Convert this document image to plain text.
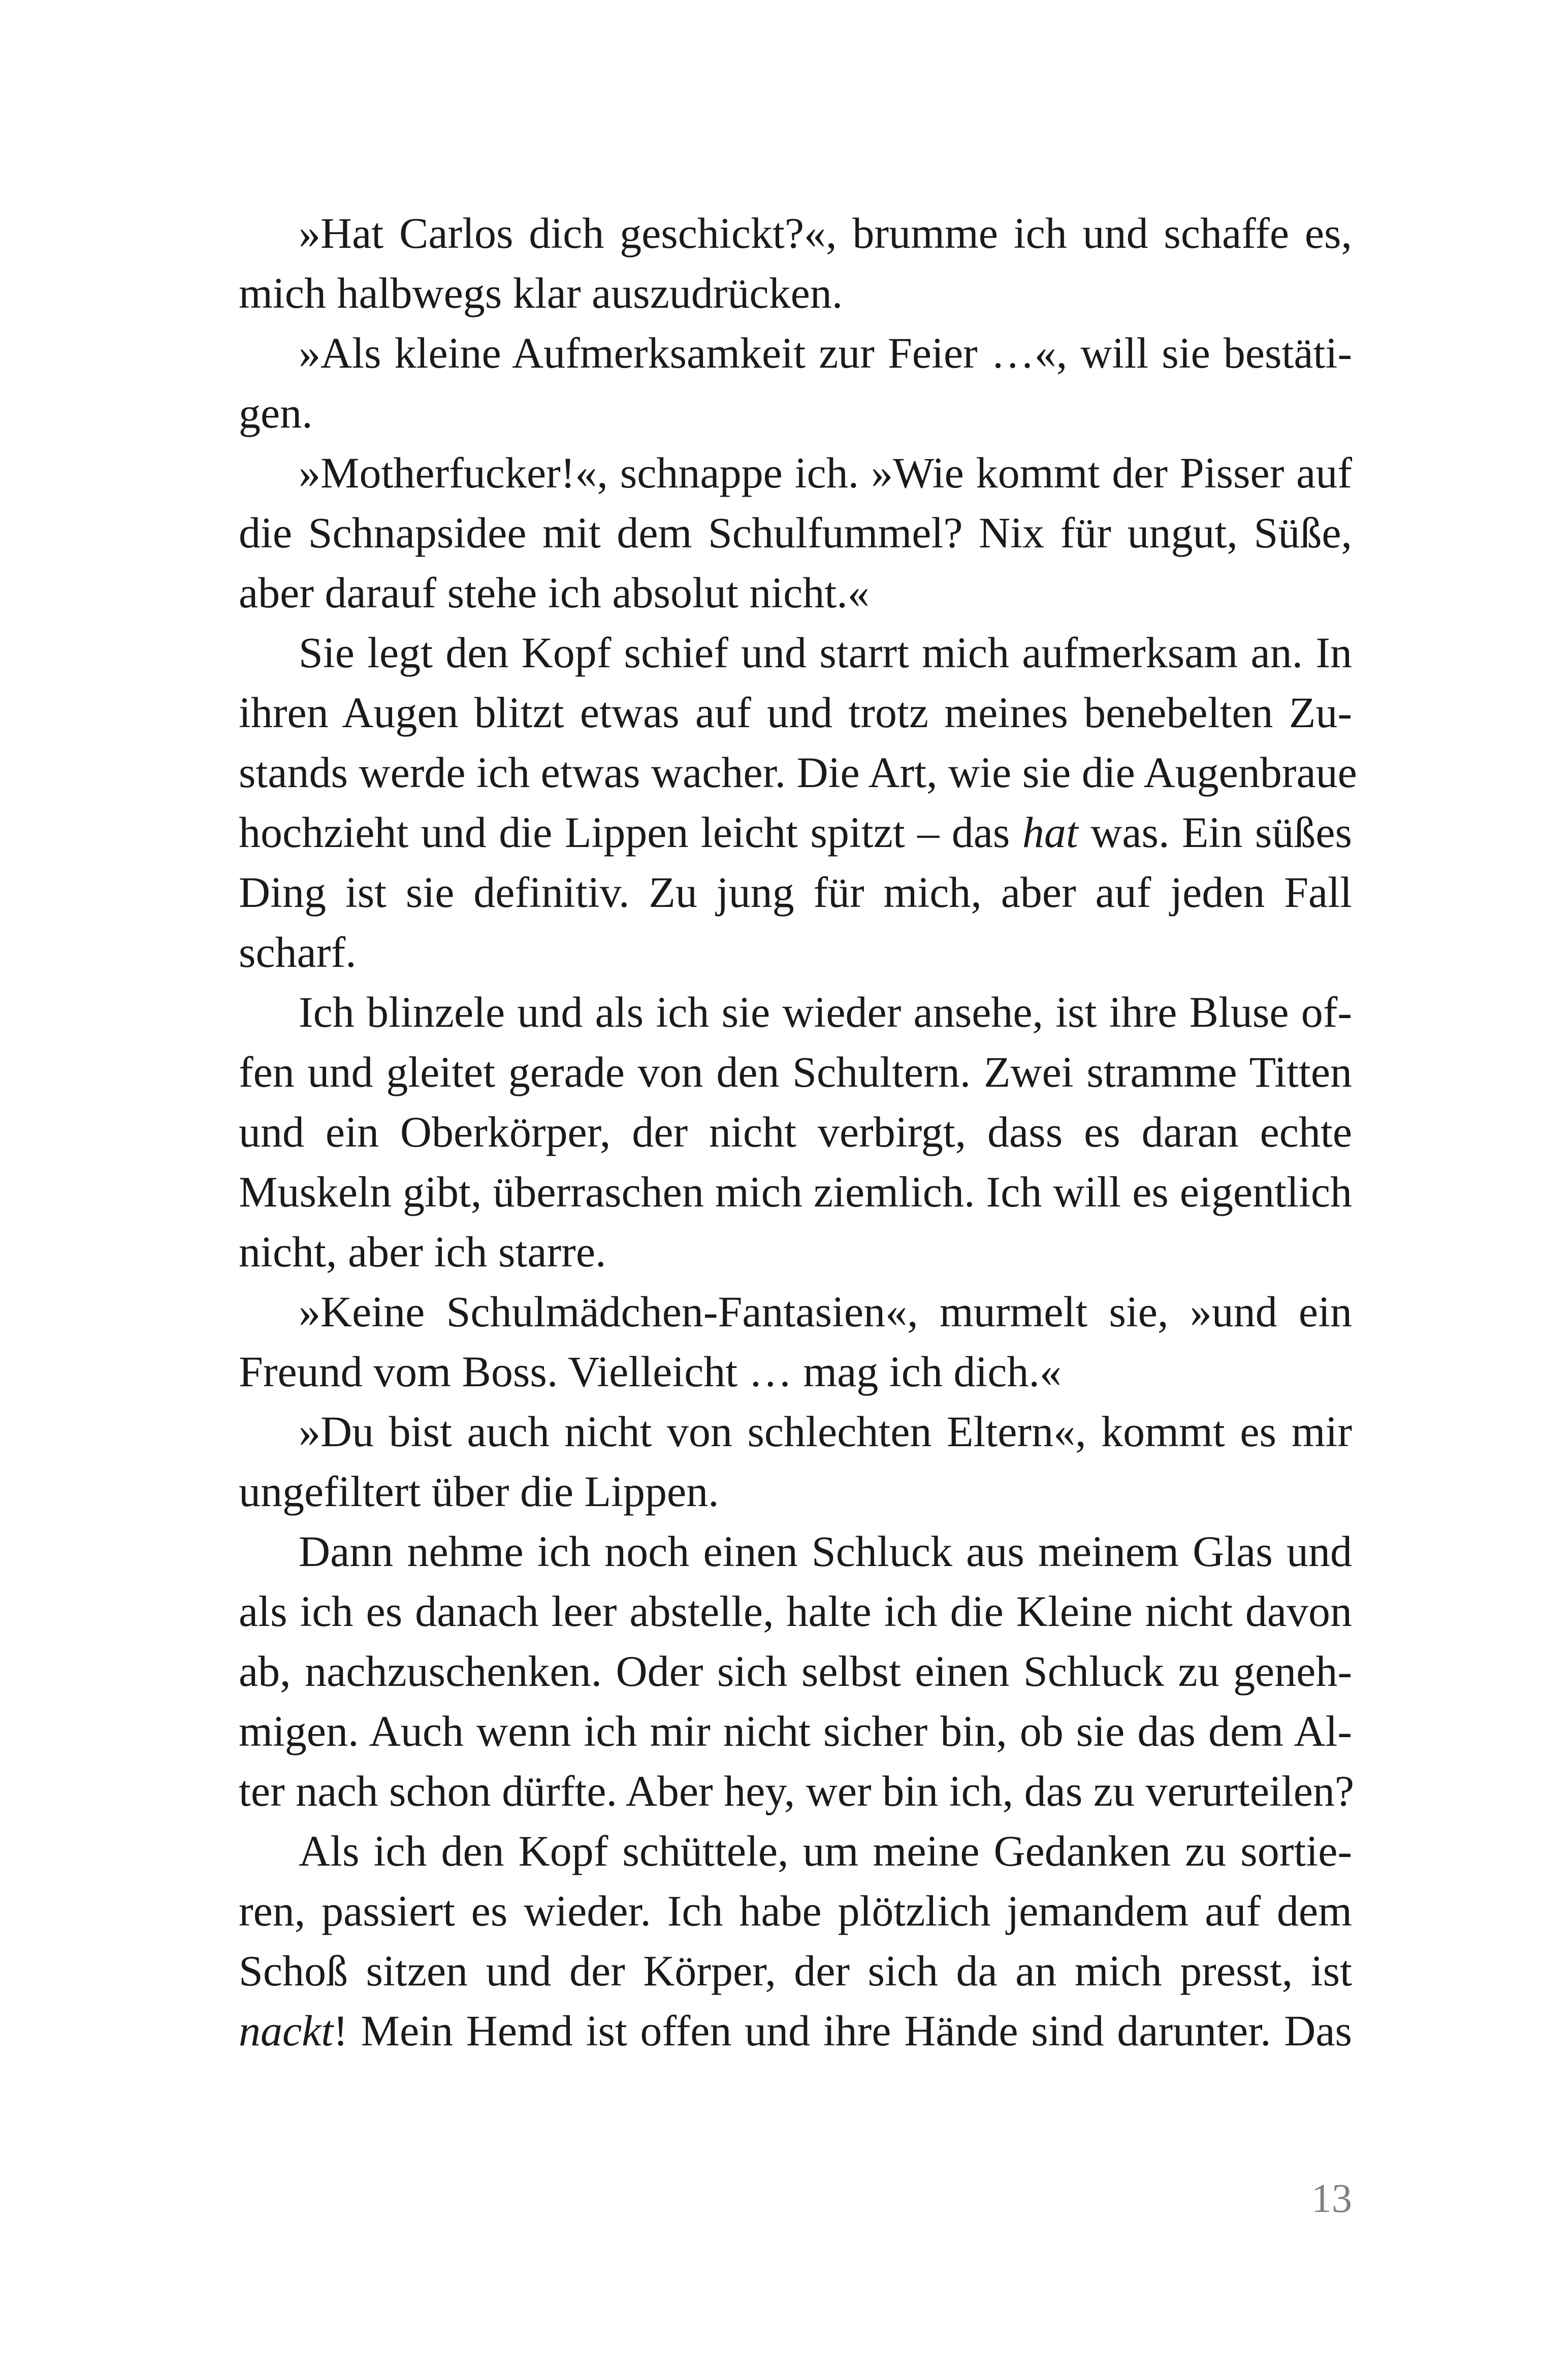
»Hat Carlos dich geschickt?«, brumme ich und schaffe es,
mich halbwegs klar auszudrücken.
»Als kleine Aufmerksamkeit zur Feier …«, will sie bestäti-
gen.
»Motherfucker!«, schnappe ich. »Wie kommt der Pisser auf
die Schnapsidee mit dem Schulfummel? Nix für ungut, Süße,
aber darauf stehe ich absolut nicht.«
Sie legt den Kopf schief und starrt mich aufmerksam an. In
ihren Augen blitzt etwas auf und trotz meines benebelten Zu-
stands werde ich etwas wacher. Die Art, wie sie die Augenbraue
hochzieht und die Lippen leicht spitzt – das hat was. Ein süßes
Ding ist sie definitiv. Zu jung für mich, aber auf jeden Fall
scharf.
Ich blinzele und als ich sie wieder ansehe, ist ihre Bluse of-
fen und gleitet gerade von den Schultern. Zwei stramme Titten
und ein Oberkörper, der nicht verbirgt, dass es daran echte
Muskeln gibt, überraschen mich ziemlich. Ich will es eigentlich
nicht, aber ich starre.
»Keine Schulmädchen-Fantasien«, murmelt sie, »und ein
Freund vom Boss. Vielleicht … mag ich dich.«
»Du bist auch nicht von schlechten Eltern«, kommt es mir
ungefiltert über die Lippen.
Dann nehme ich noch einen Schluck aus meinem Glas und
als ich es danach leer abstelle, halte ich die Kleine nicht davon
ab, nachzuschenken. Oder sich selbst einen Schluck zu geneh-
migen. Auch wenn ich mir nicht sicher bin, ob sie das dem Al-
ter nach schon dürfte. Aber hey, wer bin ich, das zu verurteilen?
Als ich den Kopf schüttele, um meine Gedanken zu sortie-
ren, passiert es wieder. Ich habe plötzlich jemandem auf dem
Schoß sitzen und der Körper, der sich da an mich presst, ist
nackt! Mein Hemd ist offen und ihre Hände sind darunter. Das
13
